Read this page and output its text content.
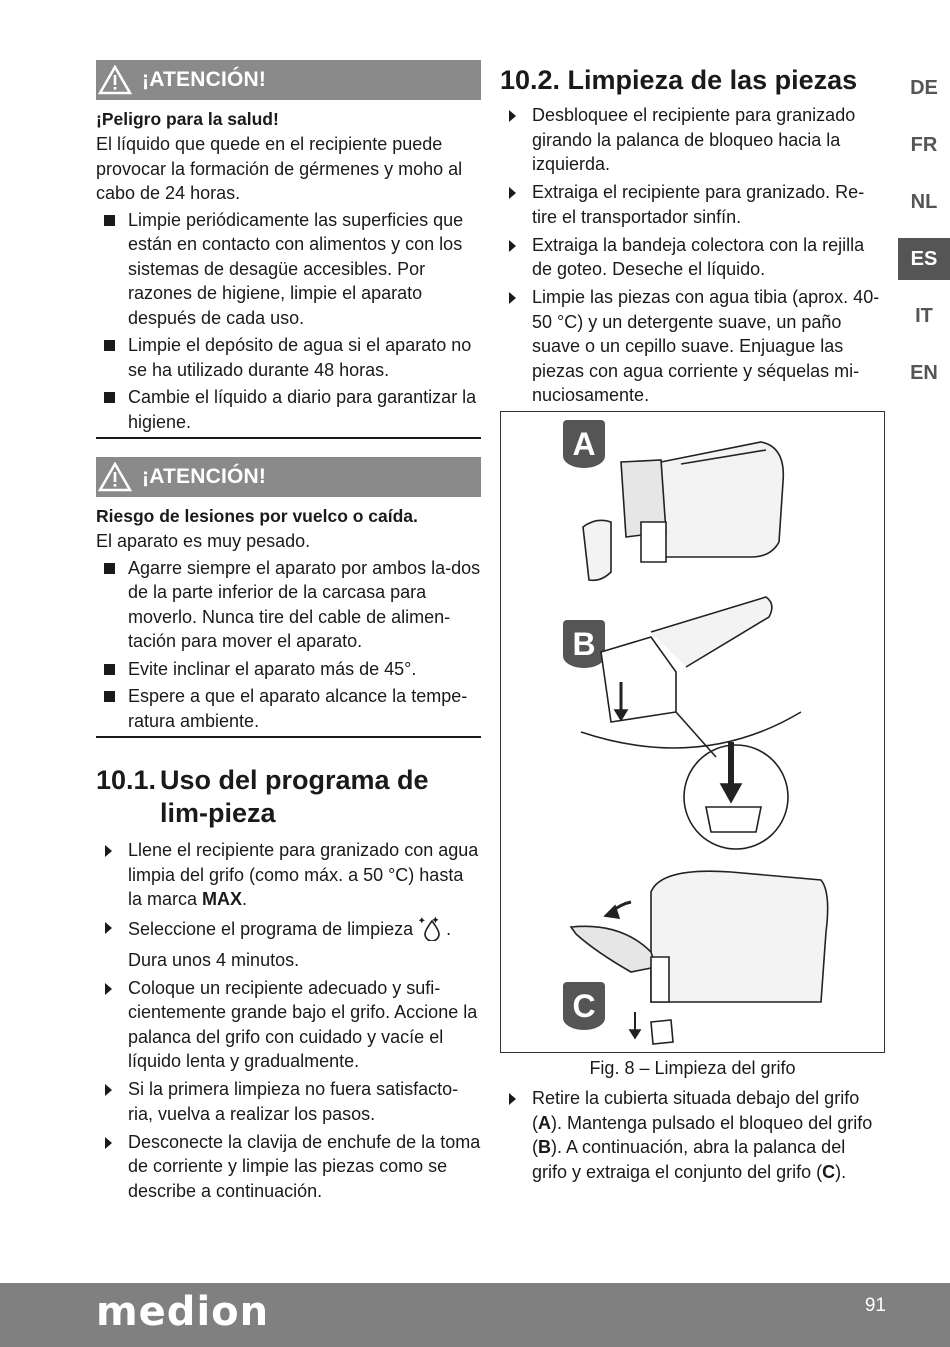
¡ATENCIÓN!
¡Peligro para la salud!

El líquido que quede en el recipiente puede provocar la formación de gérmenes y moho al cabo de 24 horas.

Limpie periódicamente las superficies que están en contacto con alimentos y con los sistemas de desagüe accesibles. Por razones de higiene, limpie el aparato después de cada uso.
Limpie el depósito de agua si el aparato no se ha utilizado durante 48 horas.
Cambie el líquido a diario para garantizar la higiene.
¡ATENCIÓN!
Riesgo de lesiones por vuelco o caída.

El aparato es muy pesado.

Agarre siempre el aparato por ambos la-dos de la parte inferior de la carcasa para moverlo. Nunca tire del cable de alimen-tación para mover el aparato.
Evite inclinar el aparato más de 45°.
Espere a que el aparato alcance la tempe-ratura ambiente.
10.1. Uso del programa de lim-pieza
Llene el recipiente para granizado con agua limpia del grifo (como máx. a 50 °C) hasta la marca MAX.
Seleccione el programa de limpieza . Dura unos 4 minutos.
Coloque un recipiente adecuado y sufi-cientemente grande bajo el grifo. Accione la palanca del grifo con cuidado y vacíe el líquido lenta y gradualmente.
Si la primera limpieza no fuera satisfacto-ria, vuelva a realizar los pasos.
Desconecte la clavija de enchufe de la toma de corriente y limpie las piezas como se describe a continuación.
10.2. Limpieza de las piezas
Desbloquee el recipiente para granizado girando la palanca de bloqueo hacia la izquierda.
Extraiga el recipiente para granizado. Re-tire el transportador sinfín.
Extraiga la bandeja colectora con la rejilla de goteo. Deseche el líquido.
Limpie las piezas con agua tibia (aprox. 40-50 °C) y un detergente suave, un paño suave o un cepillo suave. Enjuague las piezas con agua corriente y séquelas mi-nuciosamente.
A
B
C
Fig. 8 – Limpieza del grifo
Retire la cubierta situada debajo del grifo (A). Mantenga pulsado el bloqueo del grifo (B). A continuación, abra la palanca del grifo y extraiga el conjunto del grifo (C).
DE
FR
NL
ES
IT
EN
medion	91
